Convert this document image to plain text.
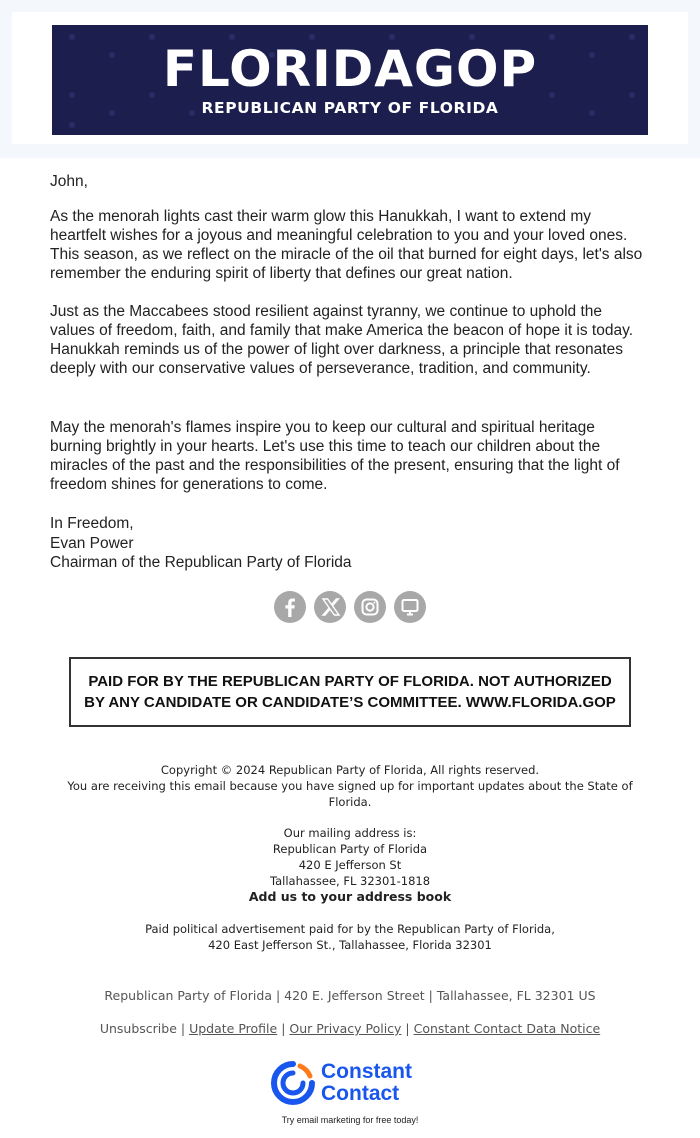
FLORIDAGOP
REPUBLICAN PARTY OF FLORIDA

John,

As the menorah lights cast their warm glow this Hanukkah, I want to extend my heartfelt wishes for a joyous and meaningful celebration to you and your loved ones. This season, as we reflect on the miracle of the oil that burned for eight days, let's also remember the enduring spirit of liberty that defines our great nation.

Just as the Maccabees stood resilient against tyranny, we continue to uphold the values of freedom, faith, and family that make America the beacon of hope it is today. Hanukkah reminds us of the power of light over darkness, a principle that resonates deeply with our conservative values of perseverance, tradition, and community.

May the menorah's flames inspire you to keep our cultural and spiritual heritage burning brightly in your hearts. Let's use this time to teach our children about the miracles of the past and the responsibilities of the present, ensuring that the light of freedom shines for generations to come.

In Freedom,

Evan Power

Chairman of the Republican Party of Florida

PAID FOR BY THE REPUBLICAN PARTY OF FLORIDA. NOT AUTHORIZED
BY ANY CANDIDATE OR CANDIDATE’S COMMITTEE. WWW.FLORIDA.GOP
Copyright © 2024 Republican Party of Florida, All rights reserved.
You are receiving this email because you have signed up for important updates about the State of
Florida.
Our mailing address is:
Republican Party of Florida
420 E Jefferson St
Tallahassee, FL 32301-1818
Add us to your address book
Paid political advertisement paid for by the Republican Party of Florida,
420 East Jefferson St., Tallahassee, Florida 32301
Republican Party of Florida | 420 E. Jefferson Street | Tallahassee, FL 32301 US
Unsubscribe | Update Profile | Our Privacy Policy | Constant Contact Data Notice
Constant
Contact
Try email marketing for free today!
